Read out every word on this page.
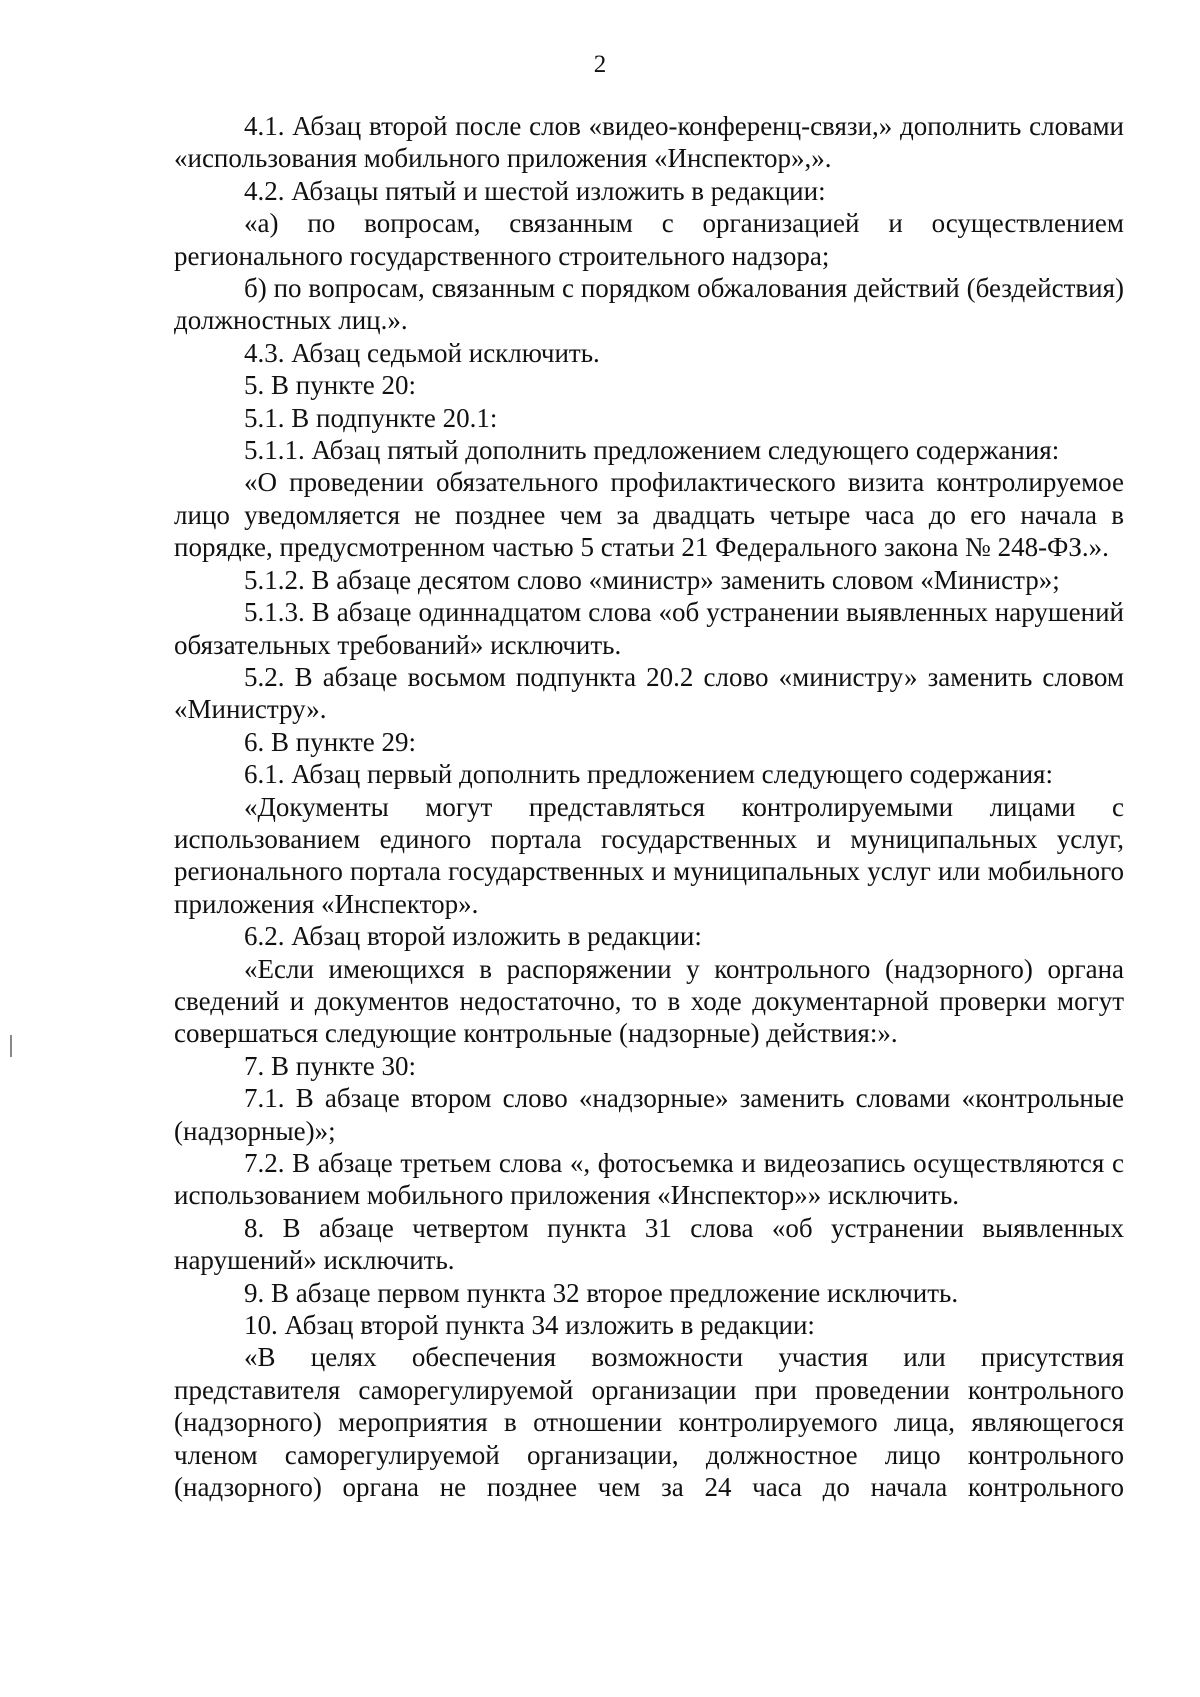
2

4.1. Абзац второй после слов «видео-конференц-связи,» дополнить словами «использования мобильного приложения «Инспектор»,».

4.2. Абзацы пятый и шестой изложить в редакции:

«а) по вопросам, связанным с организацией и осуществлением регионального государственного строительного надзора;

б) по вопросам, связанным с порядком обжалования действий (бездействия) должностных лиц.».

4.3. Абзац седьмой исключить.

5. В пункте 20:

5.1. В подпункте 20.1:

5.1.1. Абзац пятый дополнить предложением следующего содержания:

«О проведении обязательного профилактического визита контролируемое лицо уведомляется не позднее чем за двадцать четыре часа до его начала в порядке, предусмотренном частью 5 статьи 21 Федерального закона № 248-ФЗ.».

5.1.2. В абзаце десятом слово «министр» заменить словом «Министр»;

5.1.3. В абзаце одиннадцатом слова «об устранении выявленных нарушений обязательных требований» исключить.

5.2. В абзаце восьмом подпункта 20.2 слово «министру» заменить словом «Министру».

6. В пункте 29:

6.1. Абзац первый дополнить предложением следующего содержания:

«Документы могут представляться контролируемыми лицами с использованием единого портала государственных и муниципальных услуг, регионального портала государственных и муниципальных услуг или мобильного приложения «Инспектор».

6.2. Абзац второй изложить в редакции:

«Если имеющихся в распоряжении у контрольного (надзорного) органа сведений и документов недостаточно, то в ходе документарной проверки могут совершаться следующие контрольные (надзорные) действия:».

7. В пункте 30:

7.1. В абзаце втором слово «надзорные» заменить словами «контрольные (надзорные)»;

7.2. В абзаце третьем слова «, фотосъемка и видеозапись осуществляются с использованием мобильного приложения «Инспектор»» исключить.

8. В абзаце четвертом пункта 31 слова «об устранении выявленных нарушений» исключить.

9. В абзаце первом пункта 32 второе предложение исключить.

10. Абзац второй пункта 34 изложить в редакции:

«В целях обеспечения возможности участия или присутствия представителя саморегулируемой организации при проведении контрольного (надзорного) мероприятия в отношении контролируемого лица, являющегося членом саморегулируемой организации, должностное лицо контрольного (надзорного) органа не позднее чем за 24 часа до начала контрольного
